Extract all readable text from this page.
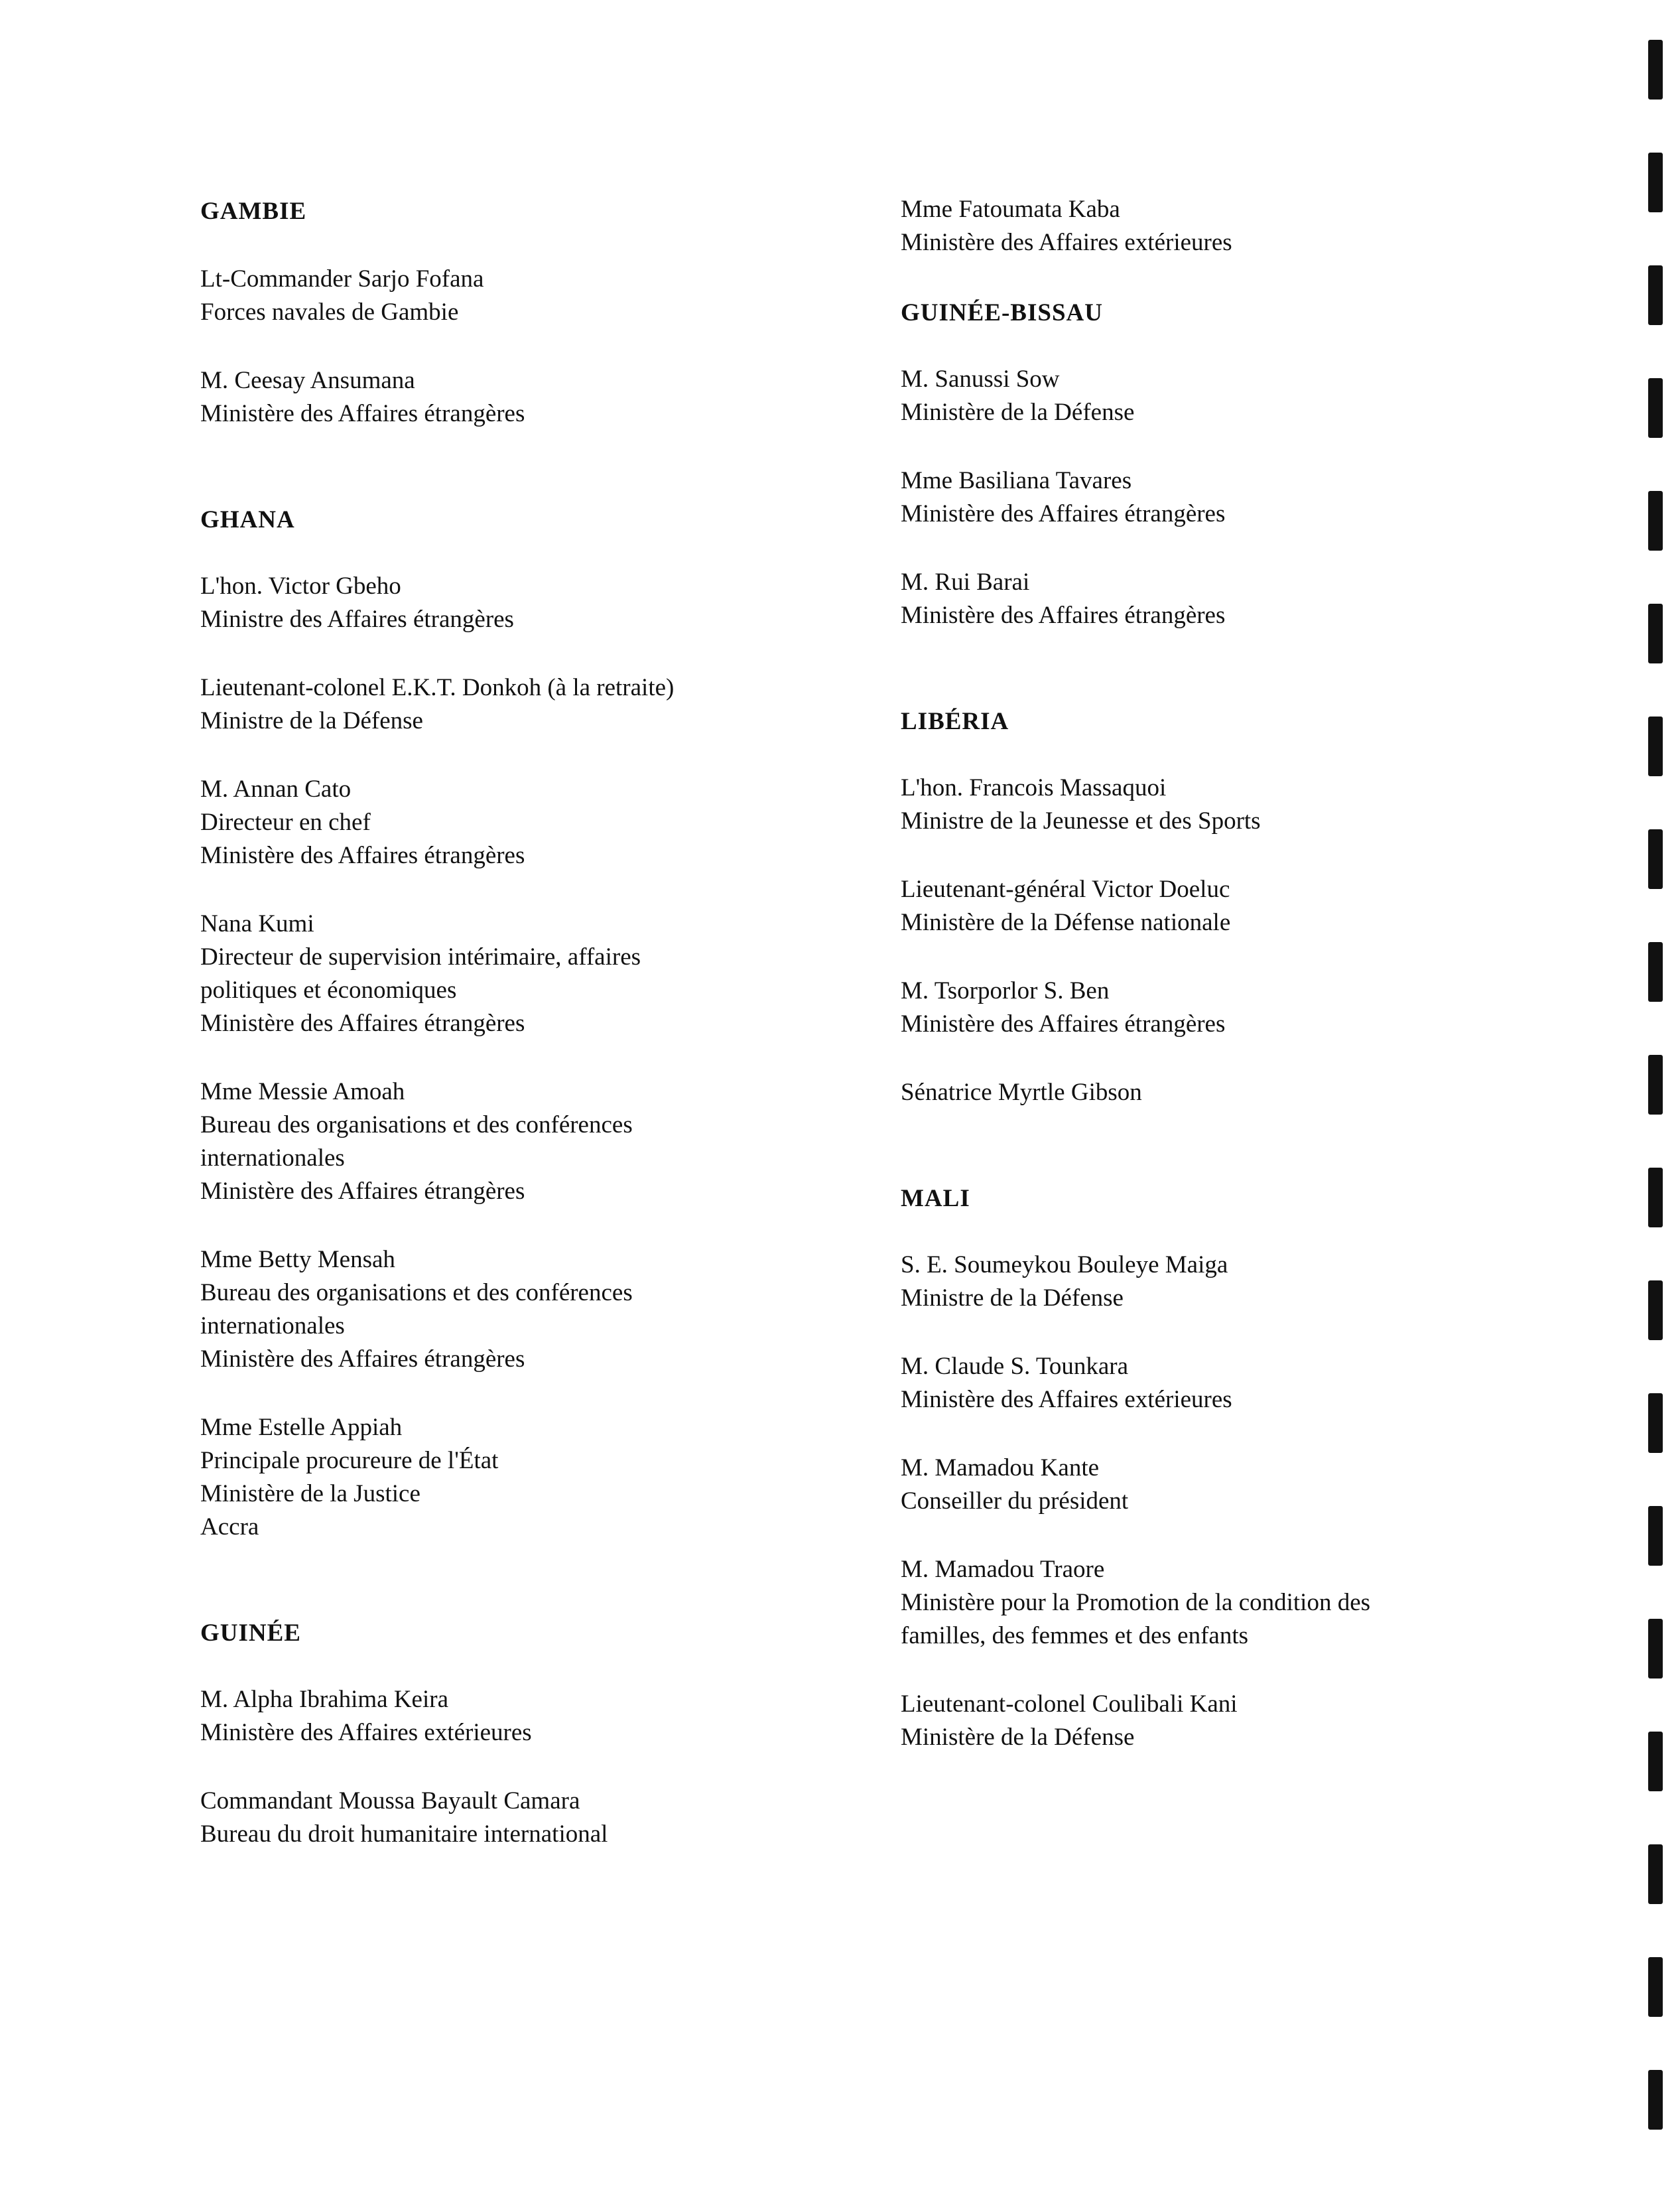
GAMBIE
Lt-Commander Sarjo Fofana
Forces navales de Gambie
M. Ceesay Ansumana
Ministère des Affaires étrangères
GHANA
L'hon. Victor Gbeho
Ministre des Affaires étrangères
Lieutenant-colonel E.K.T. Donkoh (à la retraite)
Ministre de la Défense
M. Annan Cato
Directeur en chef
Ministère des Affaires étrangères
Nana Kumi
Directeur de supervision intérimaire, affaires
politiques et économiques
Ministère des Affaires étrangères
Mme Messie Amoah
Bureau des organisations et des conférences
internationales
Ministère des Affaires étrangères
Mme Betty Mensah
Bureau des organisations et des conférences
internationales
Ministère des Affaires étrangères
Mme Estelle Appiah
Principale procureure de l'État
Ministère de la Justice
Accra
GUINÉE
M. Alpha Ibrahima Keira
Ministère des Affaires extérieures
Commandant Moussa Bayault Camara
Bureau du droit humanitaire international
Mme Fatoumata Kaba
Ministère des Affaires extérieures
GUINÉE-BISSAU
M. Sanussi Sow
Ministère de la Défense
Mme Basiliana Tavares
Ministère des Affaires étrangères
M. Rui Barai
Ministère des Affaires étrangères
LIBÉRIA
L'hon. Francois Massaquoi
Ministre de la Jeunesse et des Sports
Lieutenant-général Victor Doeluc
Ministère de la Défense nationale
M. Tsorporlor S. Ben
Ministère des Affaires étrangères
Sénatrice Myrtle Gibson
MALI
S. E. Soumeykou Bouleye Maiga
Ministre de la Défense
M. Claude S. Tounkara
Ministère des Affaires extérieures
M. Mamadou Kante
Conseiller du président
M. Mamadou Traore
Ministère pour la Promotion de la condition des
familles, des femmes et des enfants
Lieutenant-colonel Coulibali Kani
Ministère de la Défense
